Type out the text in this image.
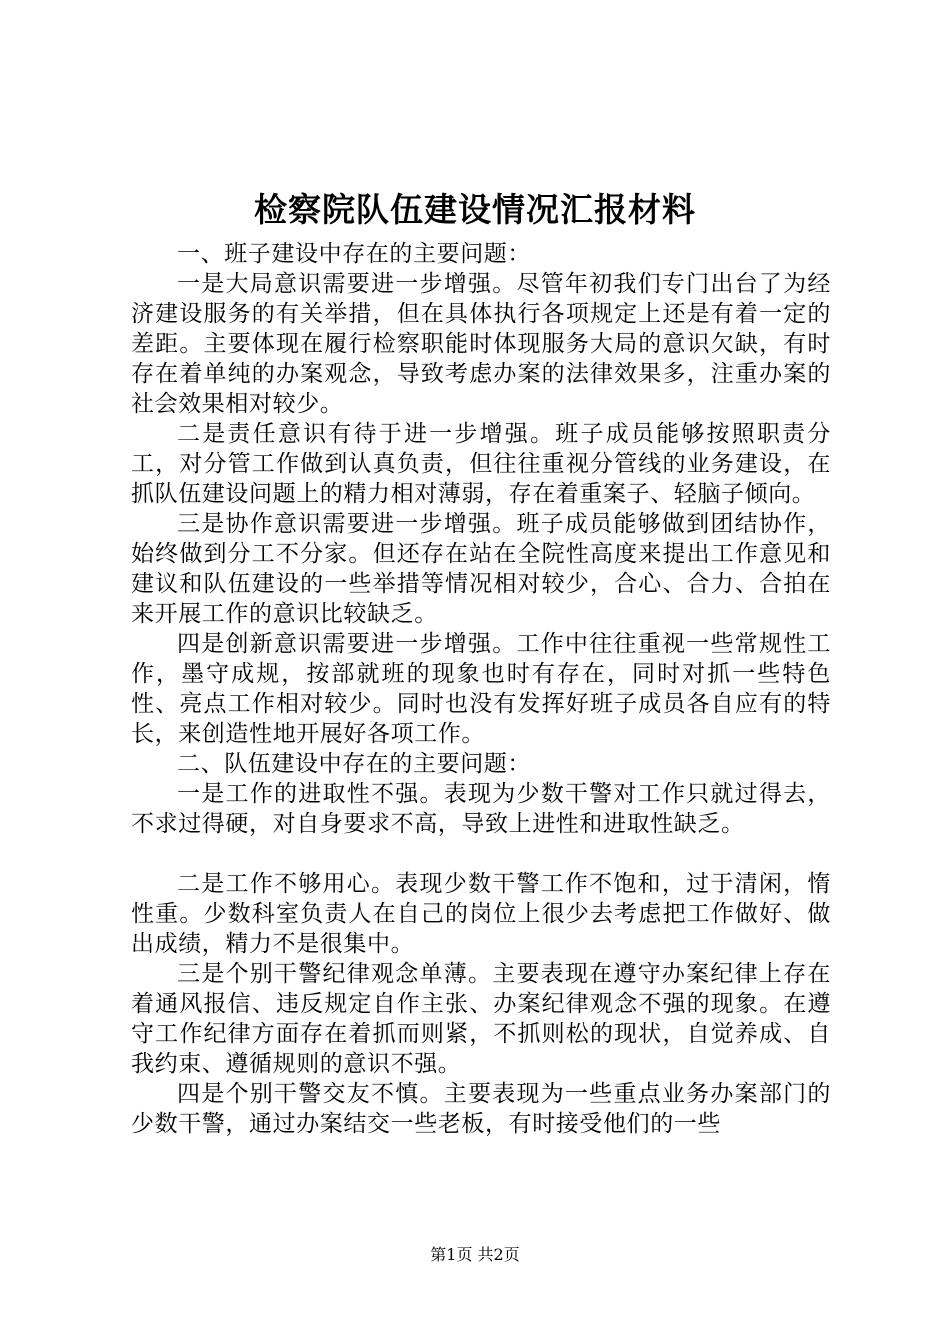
检察院队伍建设情况汇报材料

一、班子建设中存在的主要问题：

一是大局意识需要进一步增强。尽管年初我们专门出台了为经济建设服务的有关举措，但在具体执行各项规定上还是有着一定的差距。主要体现在履行检察职能时体现服务大局的意识欠缺，有时存在着单纯的办案观念，导致考虑办案的法律效果多，注重办案的社会效果相对较少。

二是责任意识有待于进一步增强。班子成员能够按照职责分工，对分管工作做到认真负责，但往往重视分管线的业务建设，在抓队伍建设问题上的精力相对薄弱，存在着重案子、轻脑子倾向。

三是协作意识需要进一步增强。班子成员能够做到团结协作，始终做到分工不分家。但还存在站在全院性高度来提出工作意见和建议和队伍建设的一些举措等情况相对较少，合心、合力、合拍在来开展工作的意识比较缺乏。

四是创新意识需要进一步增强。工作中往往重视一些常规性工作，墨守成规，按部就班的现象也时有存在，同时对抓一些特色性、亮点工作相对较少。同时也没有发挥好班子成员各自应有的特长，来创造性地开展好各项工作。

二、队伍建设中存在的主要问题：

一是工作的进取性不强。表现为少数干警对工作只就过得去，不求过得硬，对自身要求不高，导致上进性和进取性缺乏。

二是工作不够用心。表现少数干警工作不饱和，过于清闲，惰性重。少数科室负责人在自己的岗位上很少去考虑把工作做好、做出成绩，精力不是很集中。

三是个别干警纪律观念单薄。主要表现在遵守办案纪律上存在着通风报信、违反规定自作主张、办案纪律观念不强的现象。在遵守工作纪律方面存在着抓而则紧，不抓则松的现状，自觉养成、自我约束、遵循规则的意识不强。

四是个别干警交友不慎。主要表现为一些重点业务办案部门的少数干警，通过办案结交一些老板，有时接受他们的一些

第1页 共2页
